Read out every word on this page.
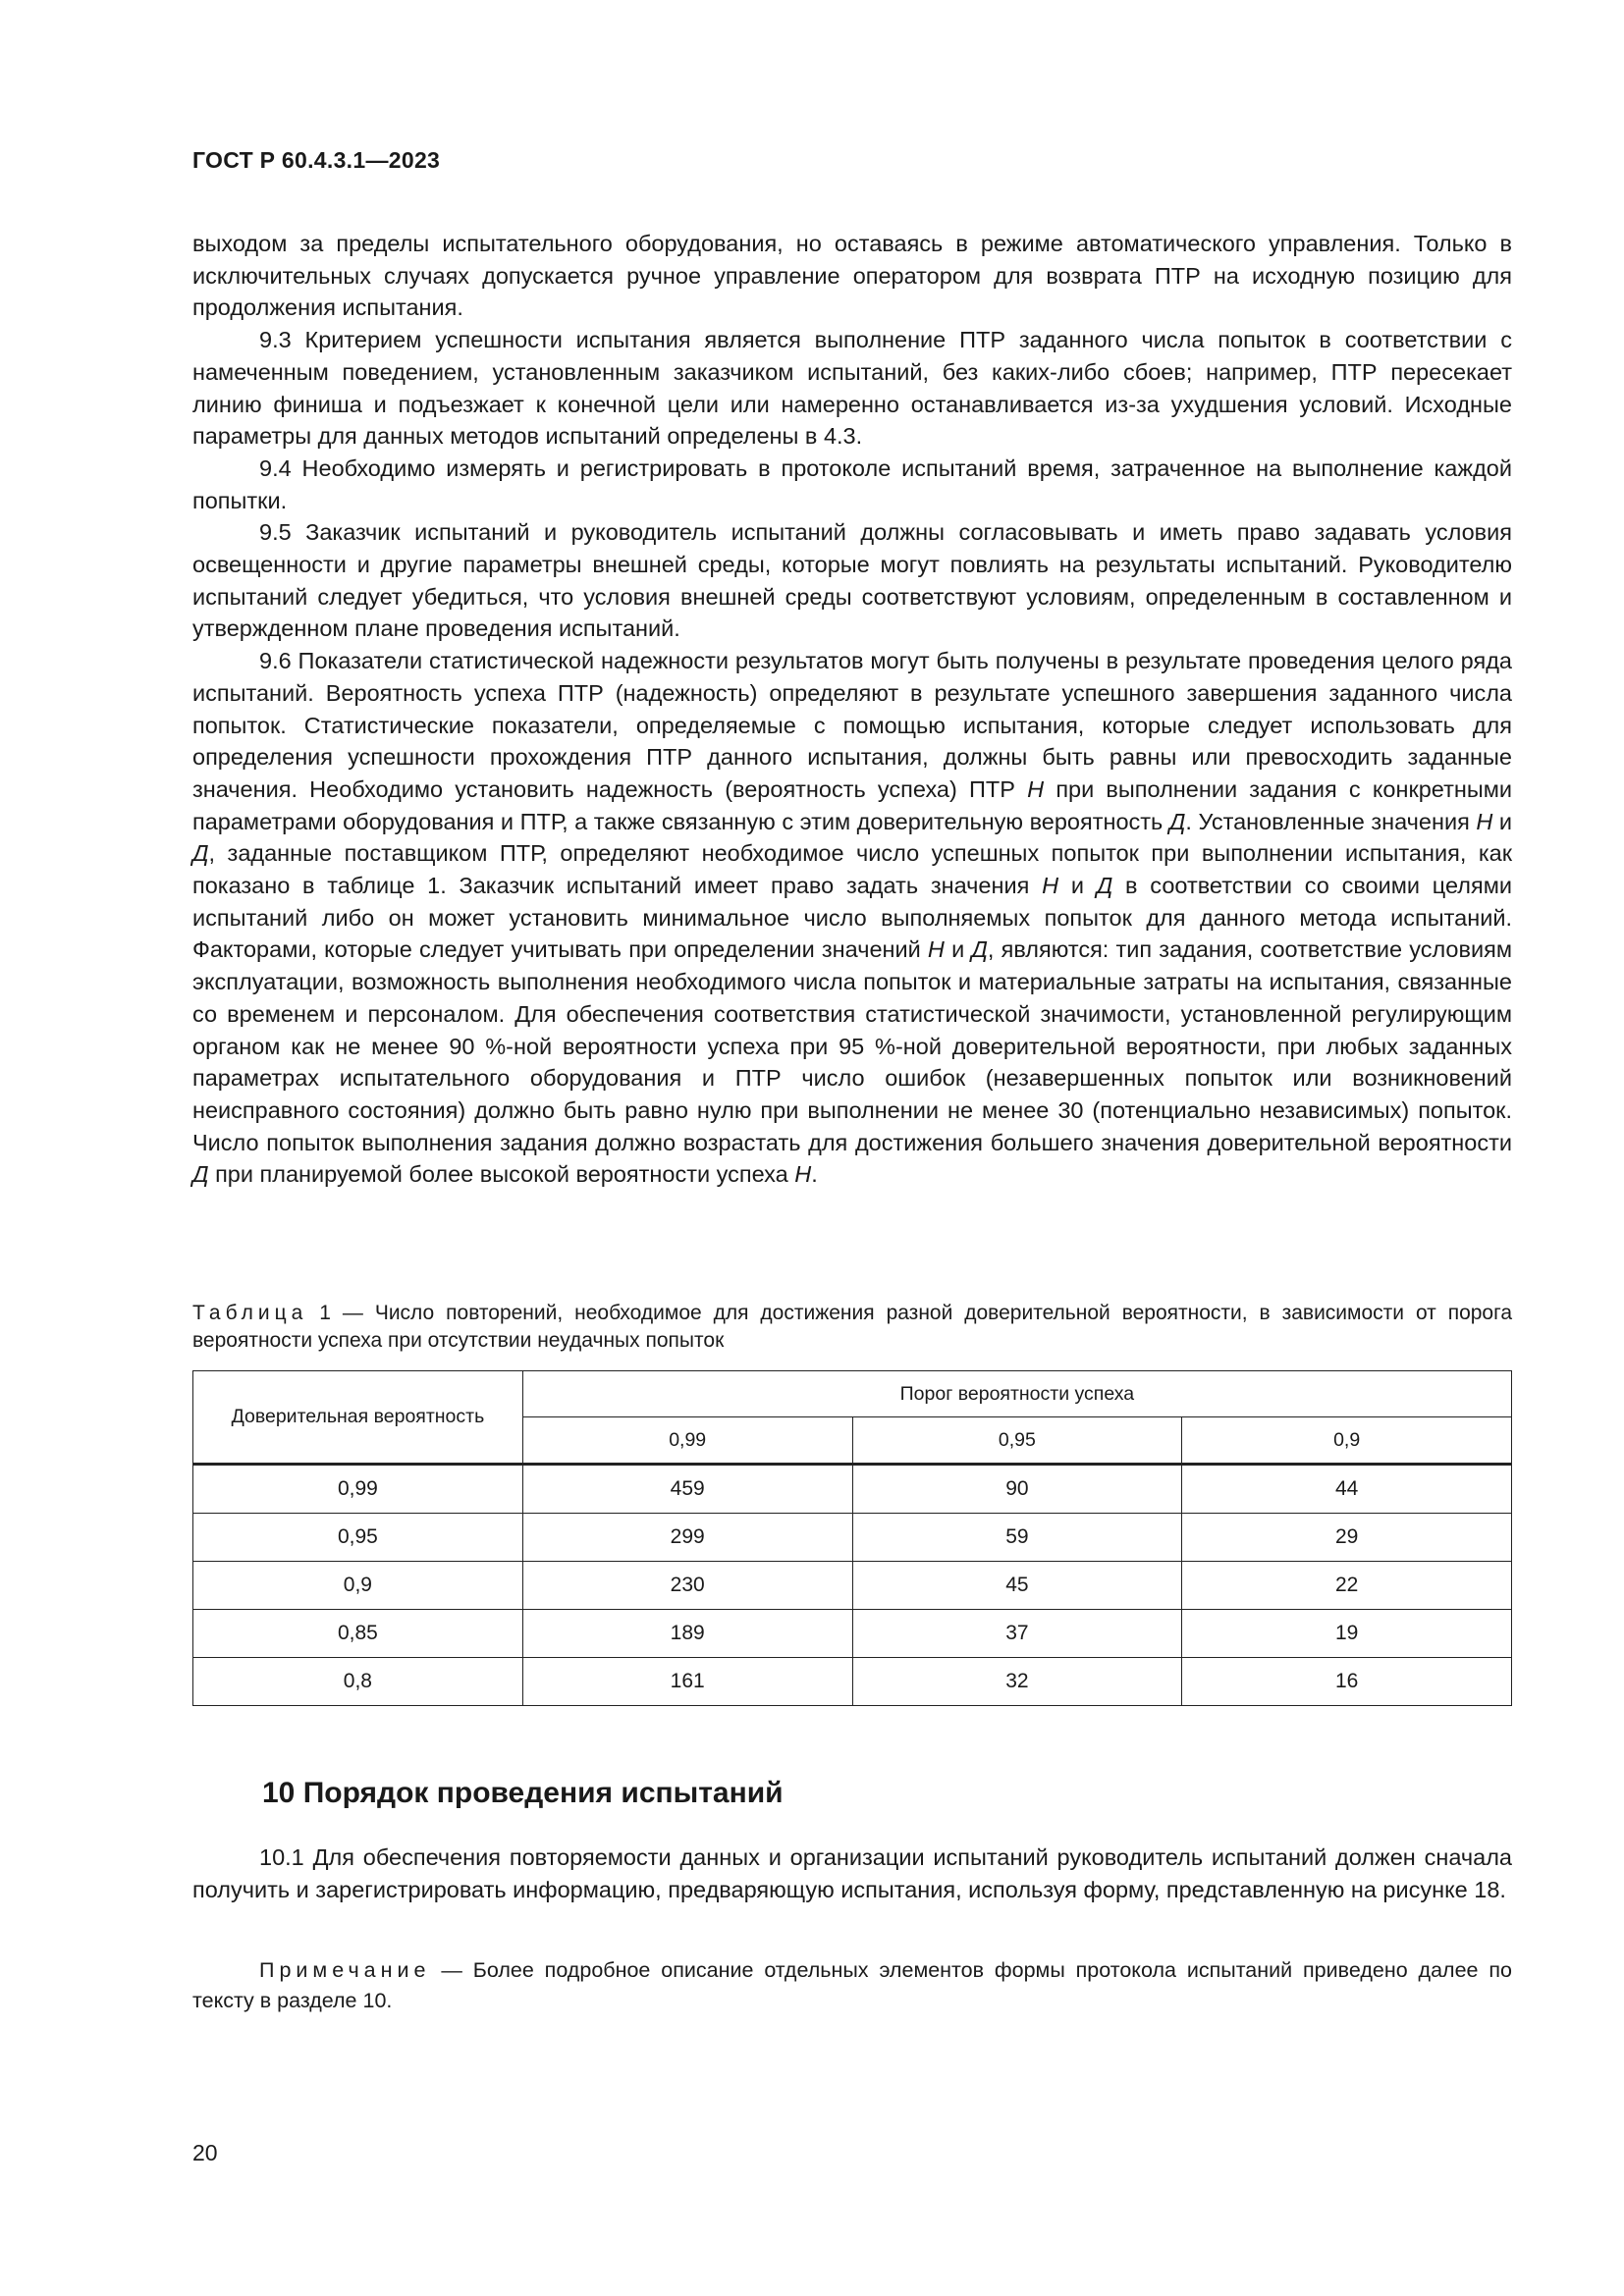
ГОСТ Р 60.4.3.1—2023

выходом за пределы испытательного оборудования, но оставаясь в режиме автоматического управления. Только в исключительных случаях допускается ручное управление оператором для возврата ПТР на исходную позицию для продолжения испытания.

9.3 Критерием успешности испытания является выполнение ПТР заданного числа попыток в соответствии с намеченным поведением, установленным заказчиком испытаний, без каких-либо сбоев; например, ПТР пересекает линию финиша и подъезжает к конечной цели или намеренно останавливается из-за ухудшения условий. Исходные параметры для данных методов испытаний определены в 4.3.

9.4 Необходимо измерять и регистрировать в протоколе испытаний время, затраченное на выполнение каждой попытки.

9.5 Заказчик испытаний и руководитель испытаний должны согласовывать и иметь право задавать условия освещенности и другие параметры внешней среды, которые могут повлиять на результаты испытаний. Руководителю испытаний следует убедиться, что условия внешней среды соответствуют условиям, определенным в составленном и утвержденном плане проведения испытаний.

9.6 Показатели статистической надежности результатов могут быть получены в результате проведения целого ряда испытаний. Вероятность успеха ПТР (надежность) определяют в результате успешного завершения заданного числа попыток. Статистические показатели, определяемые с помощью испытания, которые следует использовать для определения успешности прохождения ПТР данного испытания, должны быть равны или превосходить заданные значения. Необходимо установить надежность (вероятность успеха) ПТР Н при выполнении задания с конкретными параметрами оборудования и ПТР, а также связанную с этим доверительную вероятность Д. Установленные значения Н и Д, заданные поставщиком ПТР, определяют необходимое число успешных попыток при выполнении испытания, как показано в таблице 1. Заказчик испытаний имеет право задать значения Н и Д в соответствии со своими целями испытаний либо он может установить минимальное число выполняемых попыток для данного метода испытаний. Факторами, которые следует учитывать при определении значений Н и Д, являются: тип задания, соответствие условиям эксплуатации, возможность выполнения необходимого числа попыток и материальные затраты на испытания, связанные со временем и персоналом. Для обеспечения соответствия статистической значимости, установленной регулирующим органом как не менее 90 %-ной вероятности успеха при 95 %-ной доверительной вероятности, при любых заданных параметрах испытательного оборудования и ПТР число ошибок (незавершенных попыток или возникновений неисправного состояния) должно быть равно нулю при выполнении не менее 30 (потенциально независимых) попыток. Число попыток выполнения задания должно возрастать для достижения большего значения доверительной вероятности Д при планируемой более высокой вероятности успеха Н.

Таблица 1 — Число повторений, необходимое для достижения разной доверительной вероятности, в зависимости от порога вероятности успеха при отсутствии неудачных попыток
Доверительная вероятность	Порог вероятности успеха		
	0,99	0,95	0,9
0,99	459	90	44
0,95	299	59	29
0,9	230	45	22
0,85	189	37	19
0,8	161	32	16
10 Порядок проведения испытаний

10.1 Для обеспечения повторяемости данных и организации испытаний руководитель испытаний должен сначала получить и зарегистрировать информацию, предваряющую испытания, используя форму, представленную на рисунке 18.

Примечание — Более подробное описание отдельных элементов формы протокола испытаний приведено далее по тексту в разделе 10.
20
